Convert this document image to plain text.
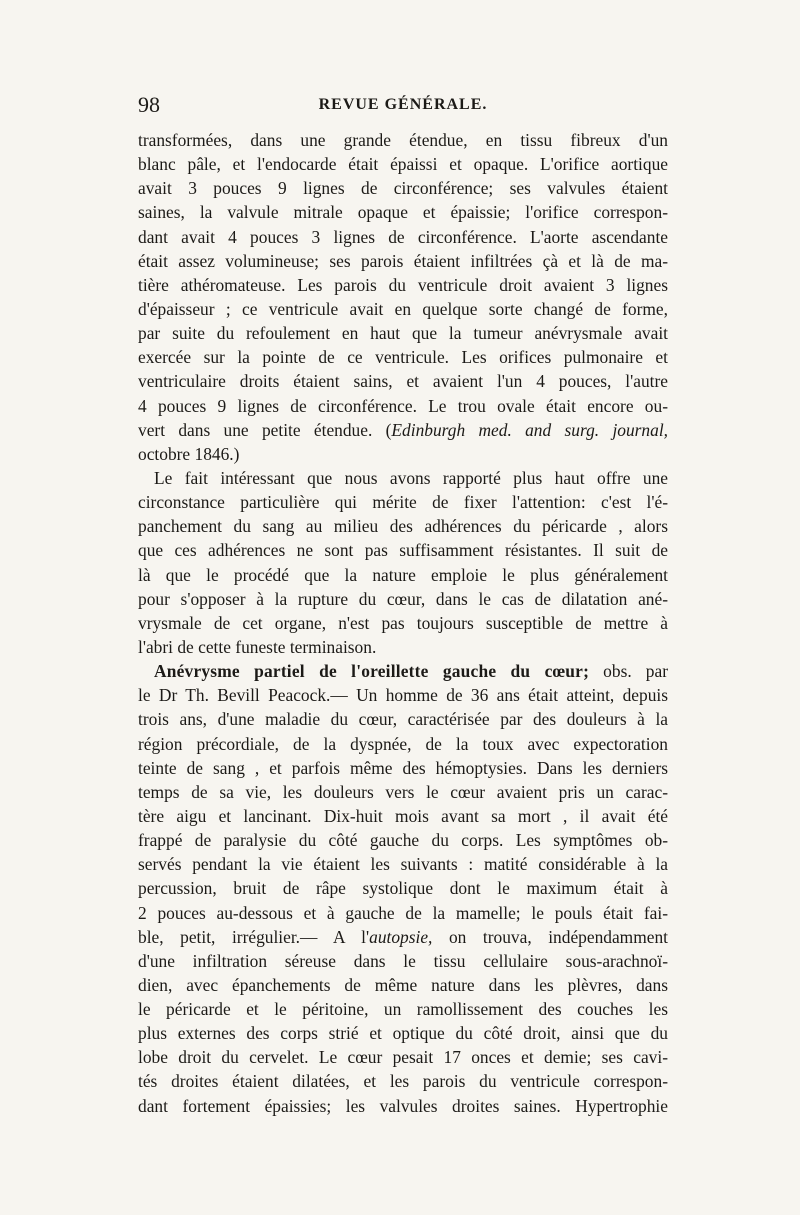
98	REVUE GÉNÉRALE.
transformées, dans une grande étendue, en tissu fibreux d'un
blanc pâle, et l'endocarde était épaissi et opaque. L'orifice aortique
avait 3 pouces 9 lignes de circonférence; ses valvules étaient
saines, la valvule mitrale opaque et épaissie; l'orifice correspon-
dant avait 4 pouces 3 lignes de circonférence. L'aorte ascendante
était assez volumineuse; ses parois étaient infiltrées çà et là de ma-
tière athéromateuse. Les parois du ventricule droit avaient 3 lignes
d'épaisseur ; ce ventricule avait en quelque sorte changé de forme,
par suite du refoulement en haut que la tumeur anévrysmale avait
exercée sur la pointe de ce ventricule. Les orifices pulmonaire et
ventriculaire droits étaient sains, et avaient l'un 4 pouces, l'autre
4 pouces 9 lignes de circonférence. Le trou ovale était encore ou-
vert dans une petite étendue. (Edinburgh med. and surg. journal,
octobre 1846.)
Le fait intéressant que nous avons rapporté plus haut offre une
circonstance particulière qui mérite de fixer l'attention: c'est l'é-
panchement du sang au milieu des adhérences du péricarde , alors
que ces adhérences ne sont pas suffisamment résistantes. Il suit de
là que le procédé que la nature emploie le plus généralement
pour s'opposer à la rupture du cœur, dans le cas de dilatation ané-
vrysmale de cet organe, n'est pas toujours susceptible de mettre à
l'abri de cette funeste terminaison.
Anévrysme partiel de l'oreillette gauche du cœur; obs. par
le Dr Th. Bevill Peacock.— Un homme de 36 ans était atteint, depuis
trois ans, d'une maladie du cœur, caractérisée par des douleurs à la
région précordiale, de la dyspnée, de la toux avec expectoration
teinte de sang , et parfois même des hémoptysies. Dans les derniers
temps de sa vie, les douleurs vers le cœur avaient pris un carac-
tère aigu et lancinant. Dix-huit mois avant sa mort , il avait été
frappé de paralysie du côté gauche du corps. Les symptômes ob-
servés pendant la vie étaient les suivants : matité considérable à la
percussion, bruit de râpe systolique dont le maximum était à
2 pouces au-dessous et à gauche de la mamelle; le pouls était fai-
ble, petit, irrégulier.— A l'autopsie, on trouva, indépendamment
d'une infiltration séreuse dans le tissu cellulaire sous-arachnoï-
dien, avec épanchements de même nature dans les plèvres, dans
le péricarde et le péritoine, un ramollissement des couches les
plus externes des corps strié et optique du côté droit, ainsi que du
lobe droit du cervelet. Le cœur pesait 17 onces et demie; ses cavi-
tés droites étaient dilatées, et les parois du ventricule correspon-
dant fortement épaissies; les valvules droites saines. Hypertrophie
